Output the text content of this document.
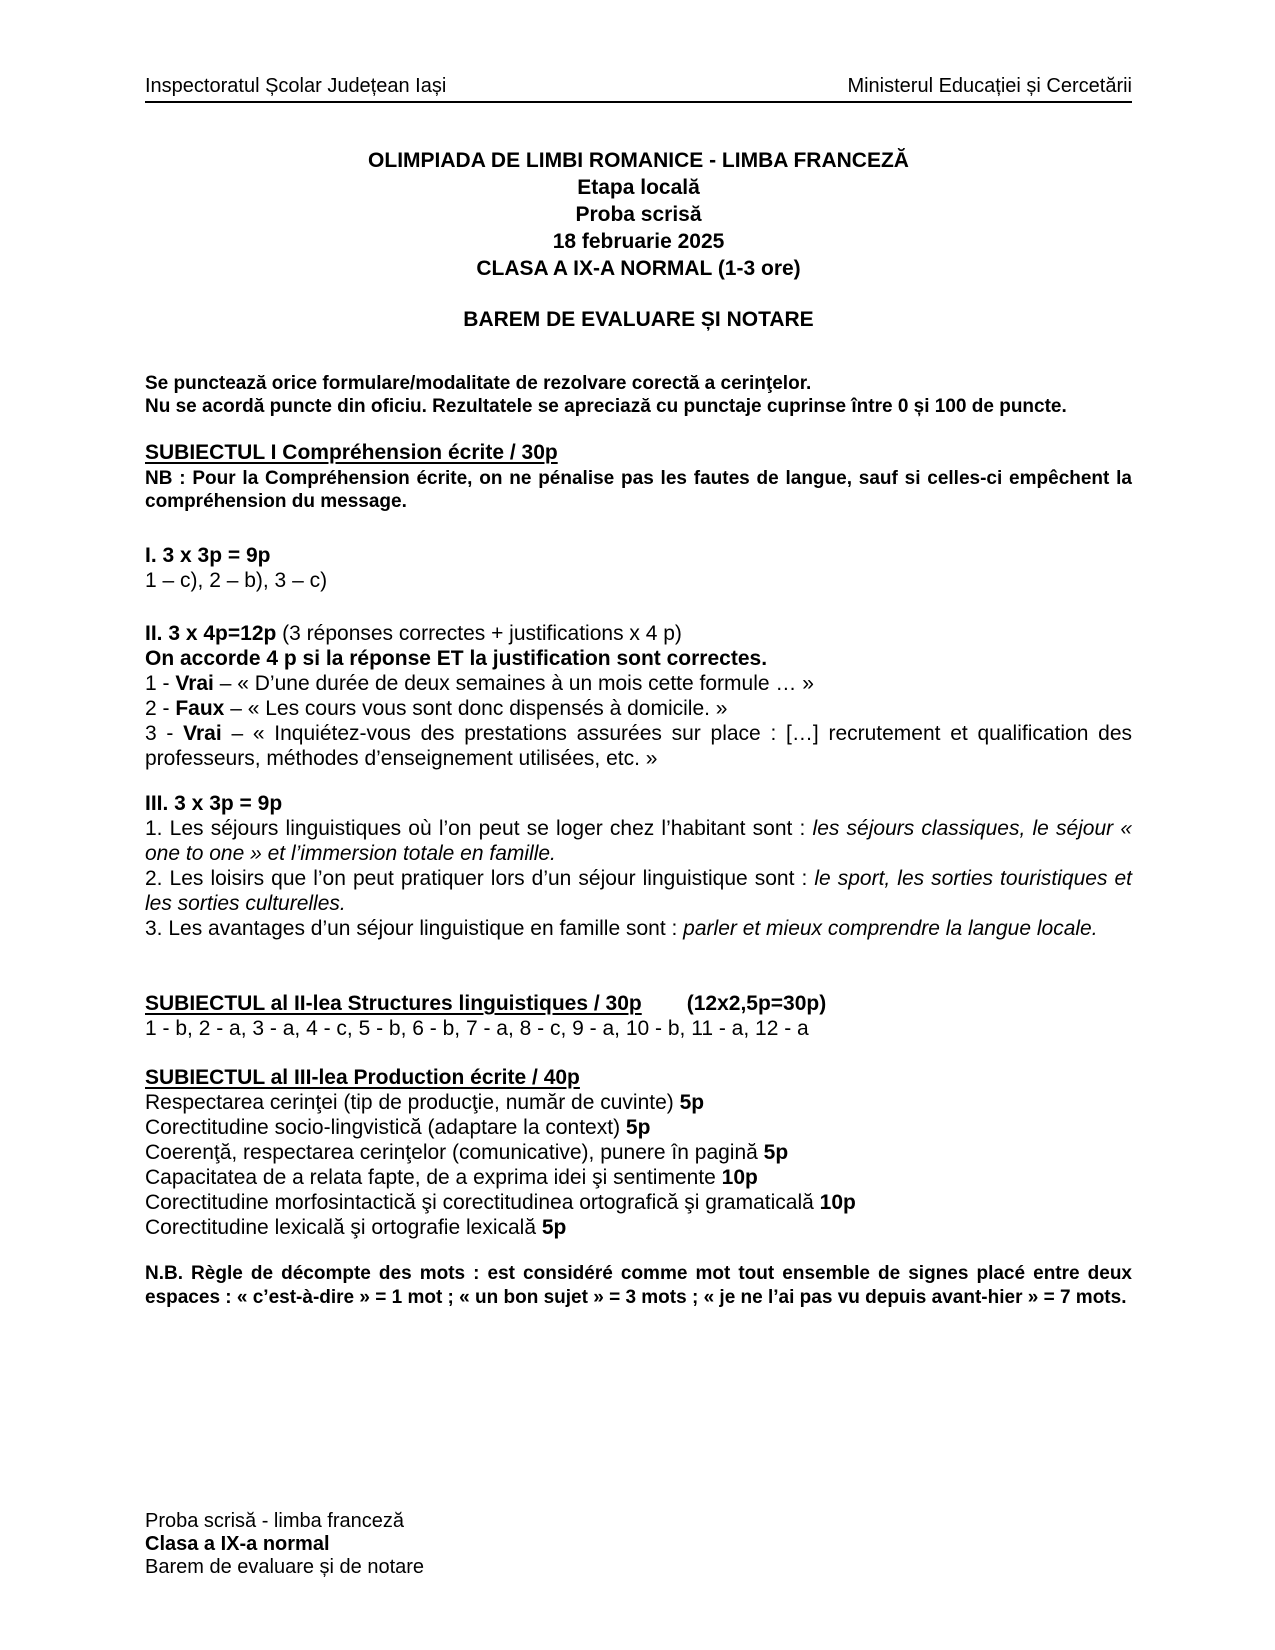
Inspectoratul Școlar Județean Iași	Ministerul Educației și Cercetării
OLIMPIADA DE LIMBI ROMANICE - LIMBA FRANCEZĂ
Etapa locală
Proba scrisă
18 februarie 2025
CLASA A IX-A NORMAL (1-3 ore)
BAREM DE EVALUARE ȘI NOTARE
Se punctează orice formulare/modalitate de rezolvare corectă a cerinţelor.
Nu se acordă puncte din oficiu. Rezultatele se apreciază cu punctaje cuprinse între 0 și 100 de puncte.
SUBIECTUL I Compréhension écrite / 30p
NB : Pour la Compréhension écrite, on ne pénalise pas les fautes de langue, sauf si celles-ci empêchent la compréhension du message.
I. 3 x 3p = 9p
1 – c), 2 – b), 3 – c)
II. 3 x 4p=12p (3 réponses correctes + justifications x 4 p)
On accorde 4 p si la réponse ET la justification sont correctes.
1 - Vrai – « D’une durée de deux semaines à un mois cette formule … »
2 - Faux – « Les cours vous sont donc dispensés à domicile. »
3 - Vrai – « Inquiétez-vous des prestations assurées sur place : […] recrutement et qualification des professeurs, méthodes d’enseignement utilisées, etc. »
III. 3 x 3p = 9p
1. Les séjours linguistiques où l’on peut se loger chez l’habitant sont : les séjours classiques, le séjour « one to one » et l’immersion totale en famille.
2. Les loisirs que l’on peut pratiquer lors d’un séjour linguistique sont : le sport, les sorties touristiques et les sorties culturelles.
3. Les avantages d’un séjour linguistique en famille sont : parler et mieux comprendre la langue locale.
SUBIECTUL al II-lea Structures linguistiques / 30p (12x2,5p=30p)
1 - b, 2 - a, 3 - a, 4 - c, 5 - b, 6 - b, 7 - a, 8 - c, 9 - a, 10 - b, 11 - a, 12 - a
SUBIECTUL al III-lea Production écrite / 40p
Respectarea cerinţei (tip de producţie, număr de cuvinte) 5p
Corectitudine socio-lingvistică (adaptare la context) 5p
Coerenţă, respectarea cerinţelor (comunicative), punere în pagină 5p
Capacitatea de a relata fapte, de a exprima idei şi sentimente 10p
Corectitudine morfosintactică şi corectitudinea ortografică şi gramaticală 10p
Corectitudine lexicală şi ortografie lexicală 5p
N.B. Règle de décompte des mots : est considéré comme mot tout ensemble de signes placé entre deux espaces : « c’est-à-dire » = 1 mot ; « un bon sujet » = 3 mots ; « je ne l’ai pas vu depuis avant-hier » = 7 mots.
Proba scrisă - limba franceză
Clasa a IX-a normal
Barem de evaluare și de notare
